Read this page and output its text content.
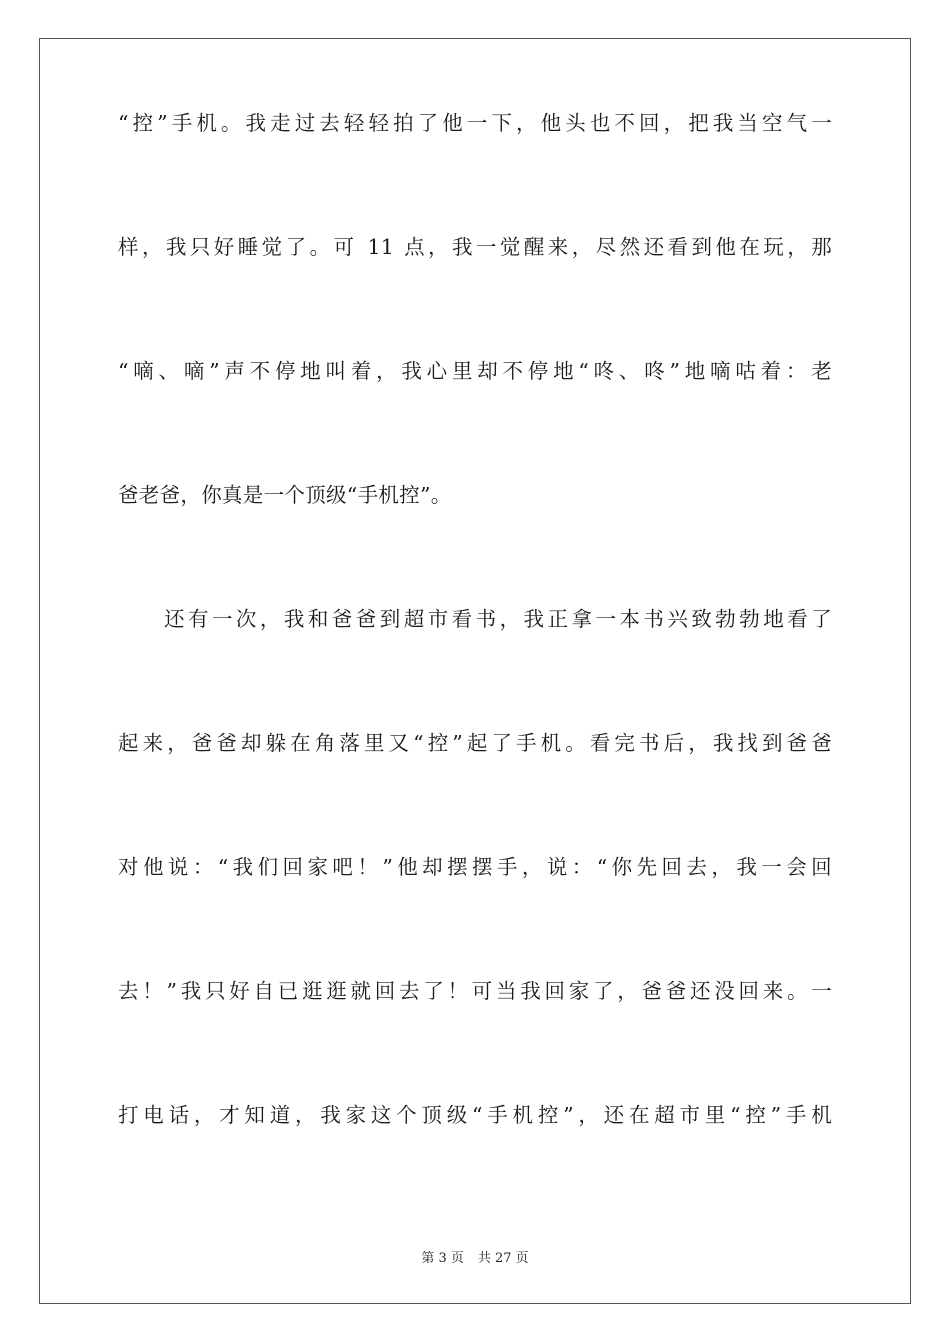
“控”手机。我走过去轻轻拍了他一下，他头也不回，把我当空气一
样，我只好睡觉了。可 11 点，我一觉醒来，尽然还看到他在玩，那
“嘀、嘀”声不停地叫着，我心里却不停地“咚、咚”地嘀咕着：老
爸老爸，你真是一个顶级“手机控”。
还有一次，我和爸爸到超市看书，我正拿一本书兴致勃勃地看了
起来，爸爸却躲在角落里又“控”起了手机。看完书后，我找到爸爸
对他说：“我们回家吧！”他却摆摆手，说：“你先回去，我一会回
去！”我只好自已逛逛就回去了！可当我回家了，爸爸还没回来。一
打电话，才知道，我家这个顶级“手机控”，还在超市里“控”手机
第 3 页 共 27 页
